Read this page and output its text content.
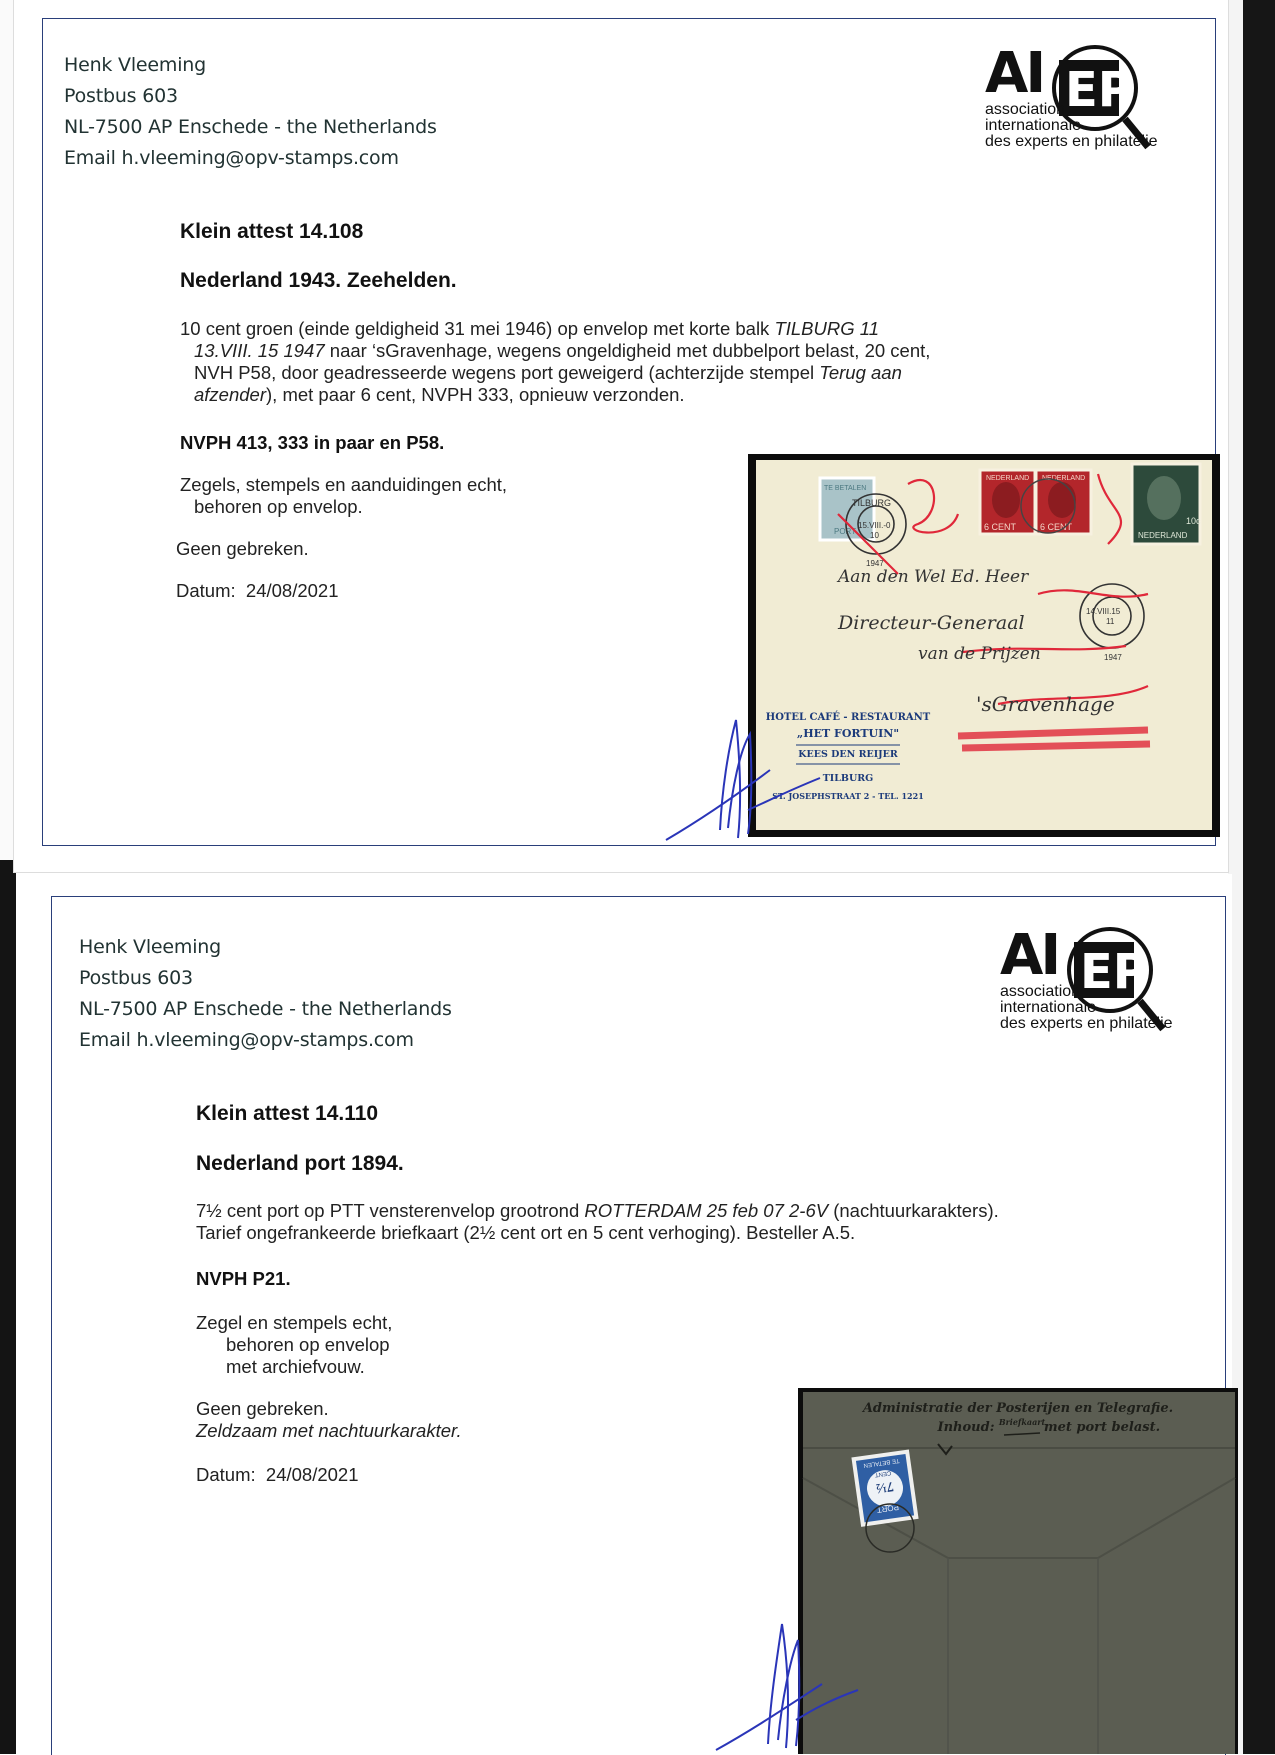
Henk Vleeming
Postbus 603
NL-7500 AP Enschede - the Netherlands
Email h.vleeming@opv-stamps.com
EP
AI
association
internationale
des experts en philatelie
Klein attest 14.108
Nederland 1943. Zeehelden.

10 cent groen (einde geldigheid 31 mei 1946) op envelop met korte balk TILBURG 11
13.VIII. 15 1947 naar ‘sGravenhage, wegens ongeldigheid met dubbelport belast, 20 cent,
NVH P58, door geadresseerde wegens port geweigerd (achterzijde stempel Terug aan
afzender), met paar 6 cent, NVPH 333, opnieuw verzonden.

NVPH 413, 333 in paar en P58.

Zegels, stempels en aanduidingen echt,
behoren op envelop.

Geen gebreken.

Datum: 24/08/2021

TE BETALEN
PORT
NEDERLAND NEDERLAND
6 CENT	6 CENT
10c
NEDERLAND
TILBURG
15.VIII.-0
10
1947
14.VIII.15
11
1947
Aan den Wel Ed. Heer
Directeur-Generaal
van de Prijzen
'sGravenhage
HOTEL CAFÉ - RESTAURANT
„HET FORTUIN"
KEES DEN REIJER
TILBURG
ST. JOSEPHSTRAAT 2 - TEL. 1221
Henk Vleeming
Postbus 603
NL-7500 AP Enschede - the Netherlands
Email h.vleeming@opv-stamps.com
EP
AI
association
internationale
des experts en philatelie
Klein attest 14.110
Nederland port 1894.

7½ cent port op PTT vensterenvelop grootrond ROTTERDAM 25 feb 07 2-6V (nachtuurkarakters).
Tarief ongefrankeerde briefkaart (2½ cent ort en 5 cent verhoging). Besteller A.5.

NVPH P21.

Zegel en stempels echt,
behoren op envelop
met archiefvouw.

Geen gebreken.

Zeldzaam met nachtuurkarakter.

Datum: 24/08/2021

Administratie der Posterijen en Telegrafie.
Inhoud: Briefkaart
met port belast.
7½
PORT
CENT
TE BETALEN
